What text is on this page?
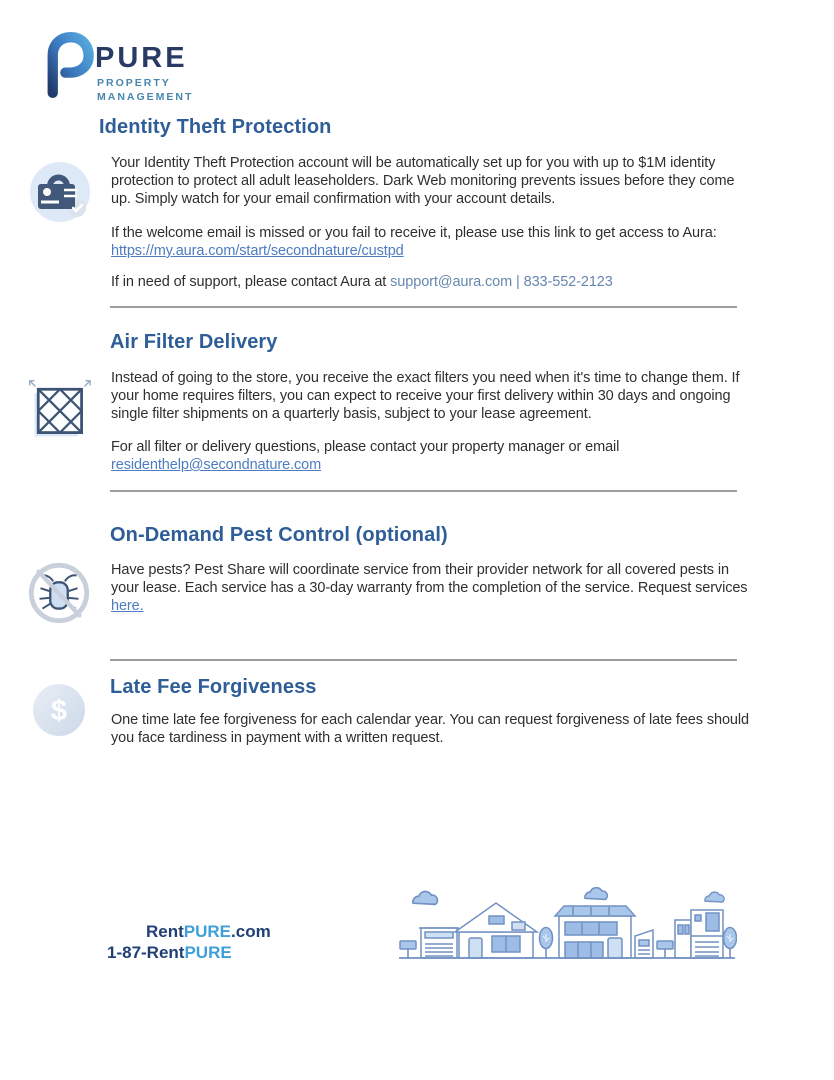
PURE
PROPERTY
MANAGEMENT
Identity Theft Protection
Your Identity Theft Protection account will be automatically set up for you with up to $1M identity protection to protect all adult leaseholders. Dark Web monitoring prevents issues before they come up. Simply watch for your email confirmation with your account details.
If the welcome email is missed or you fail to receive it, please use this link to get access to Aura: https://my.aura.com/start/secondnature/custpd
If in need of support, please contact Aura at support@aura.com | 833-552-2123
Air Filter Delivery
Instead of going to the store, you receive the exact filters you need when it's time to change them. If your home requires filters, you can expect to receive your first delivery within 30 days and ongoing single filter shipments on a quarterly basis, subject to your lease agreement.
For all filter or delivery questions, please contact your property manager or email residenthelp@secondnature.com
On-Demand Pest Control (optional)
Have pests? Pest Share will coordinate service from their provider network for all covered pests in your lease. Each service has a 30-day warranty from the completion of the service. Request services here.
Late Fee Forgiveness
$	One time late fee forgiveness for each calendar year. You can request forgiveness of late fees should you face tardiness in payment with a written request.
RentPURE.com
1-87-RentPURE
